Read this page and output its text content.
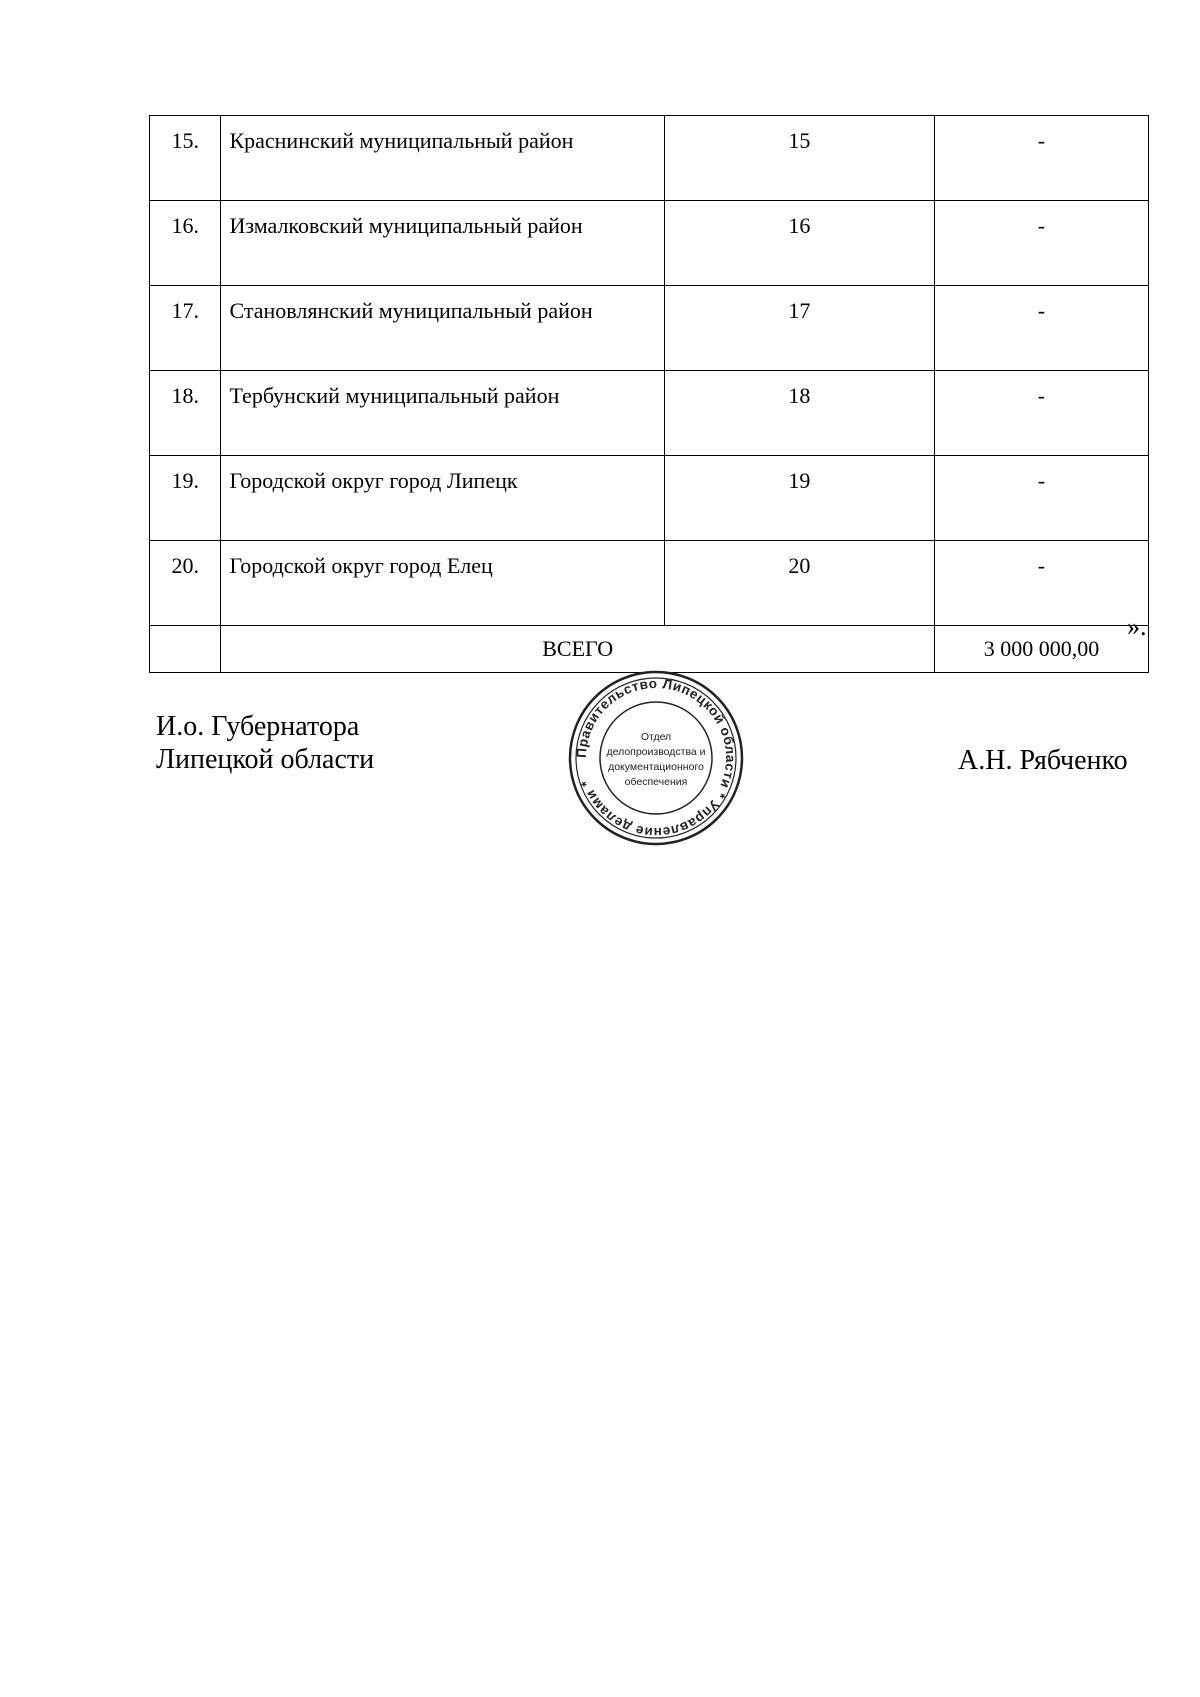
15.	Краснинский муниципальный район	15	-
16.	Измалковский муниципальный район	16	-
17.	Становлянский муниципальный район	17	-
18.	Тербунский муниципальный район	18	-
19.	Городской округ город Липецк	19	-
20.	Городской округ город Елец	20	-
	ВСЕГО		3 000 000,00
».
И.о. Губернатора
Липецкой области	А.Н. Рябченко
Правительство Липецкой области * Управление делами *
Отдел
делопроизводства и
документационного
обеспечения
